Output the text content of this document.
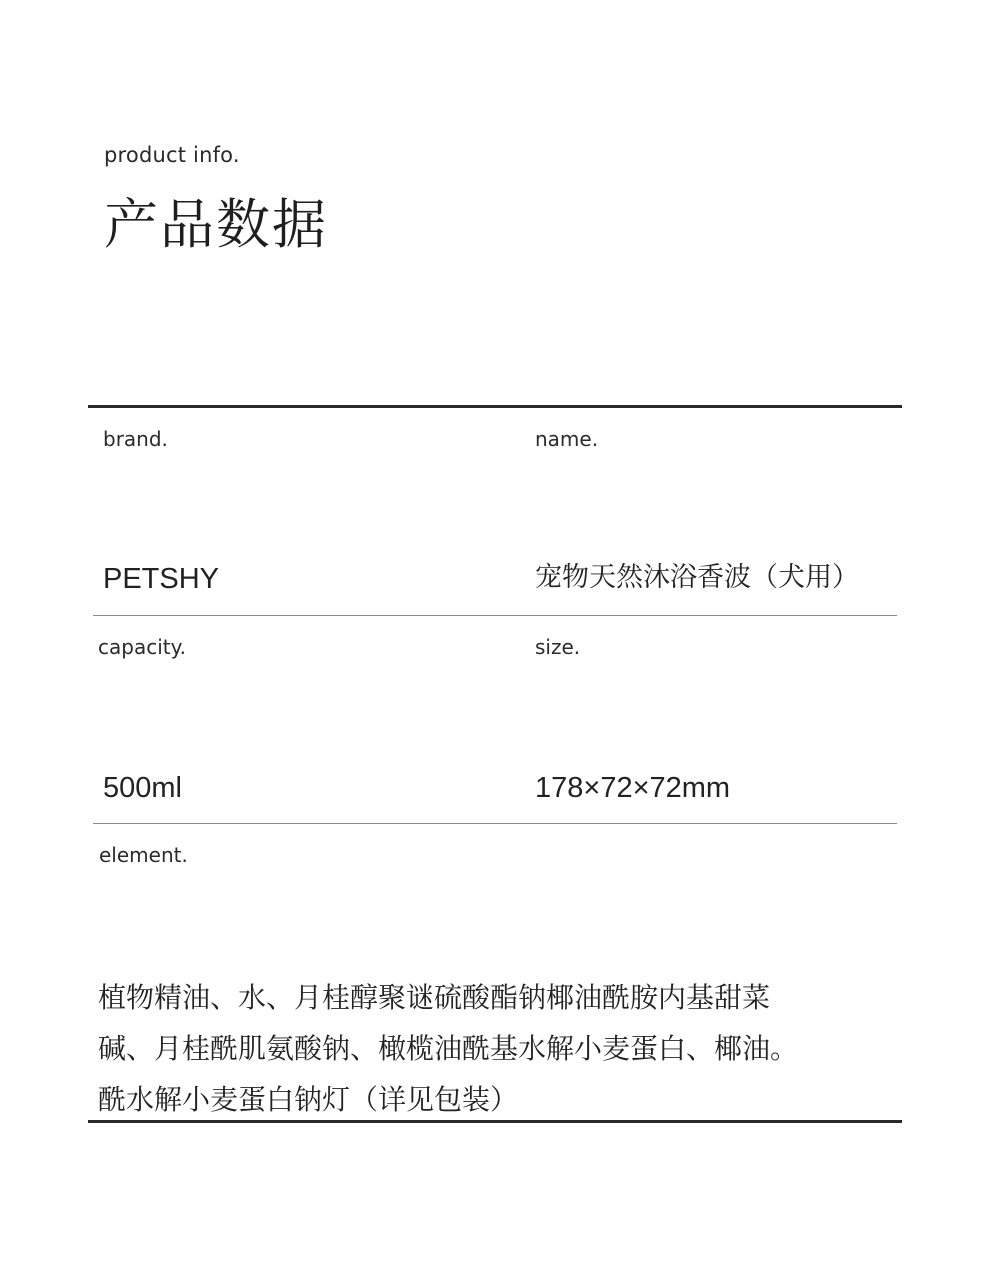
product info.
产品数据
brand.
PETSHY
name.
宠物天然沐浴香波（犬用）
capacity.
500ml
size.
178×72×72mm
element.
植物精油、水、月桂醇聚谜硫酸酯钠椰油酰胺内基甜菜
碱、月桂酰肌氨酸钠、橄榄油酰基水解小麦蛋白、椰油。
酰水解小麦蛋白钠灯（详见包装）
